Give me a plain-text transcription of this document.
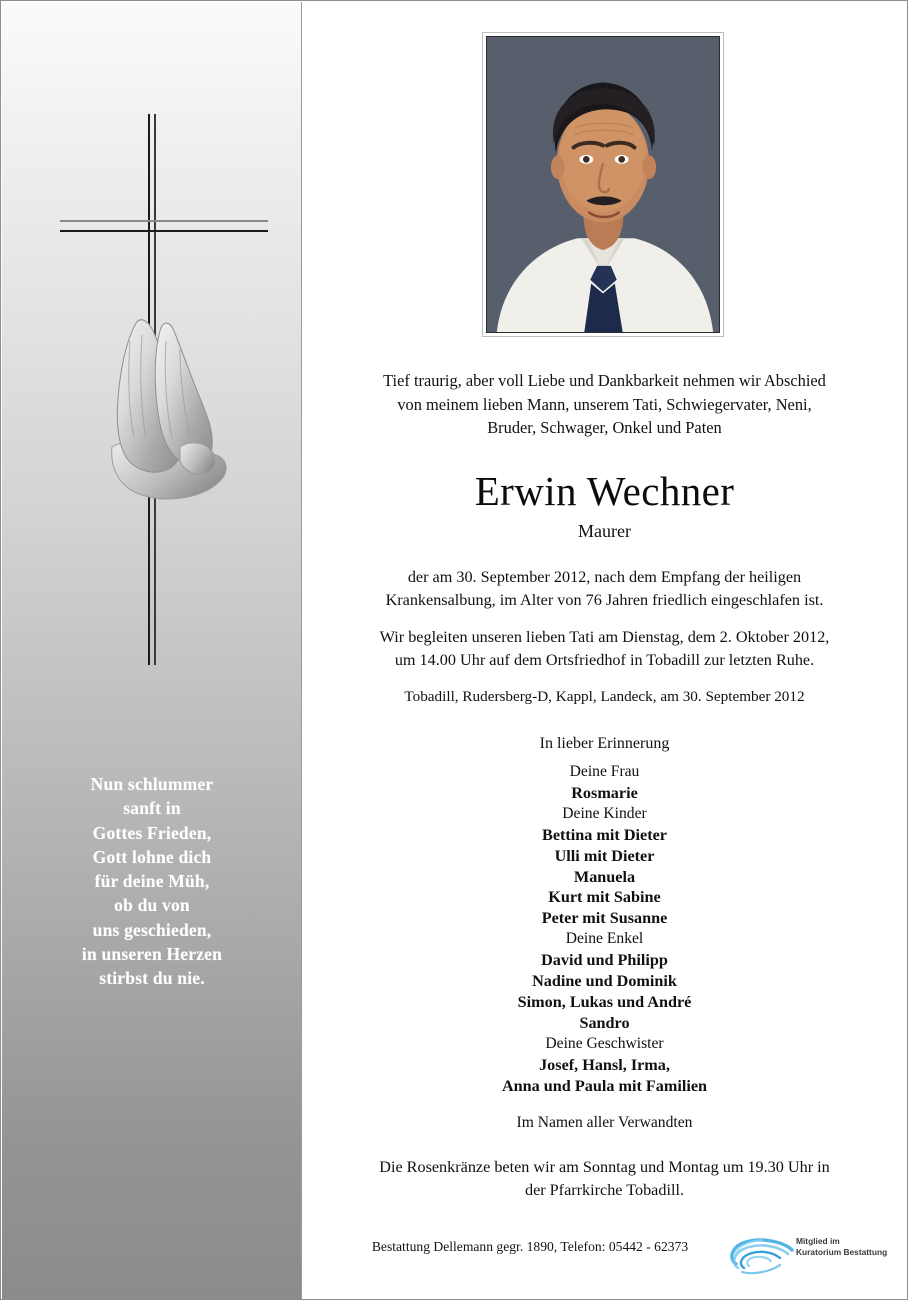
Nun schlummer
sanft in
Gottes Frieden,
Gott lohne dich
für deine Müh,
ob du von
uns geschieden,
in unseren Herzen
stirbst du nie.
Tief traurig, aber voll Liebe und Dankbarkeit nehmen wir Abschied
von meinem lieben Mann, unserem Tati, Schwiegervater, Neni,
Bruder, Schwager, Onkel und Paten
Erwin Wechner
Maurer
der am 30. September 2012, nach dem Empfang der heiligen
Krankensalbung, im Alter von 76 Jahren friedlich eingeschlafen ist.
Wir begleiten unseren lieben Tati am Dienstag, dem 2. Oktober 2012,
um 14.00 Uhr auf dem Ortsfriedhof in Tobadill zur letzten Ruhe.
Tobadill, Rudersberg-D, Kappl, Landeck, am 30. September 2012
In lieber Erinnerung
Deine Frau
Rosmarie
Deine Kinder
Bettina mit Dieter
Ulli mit Dieter
Manuela
Kurt mit Sabine
Peter mit Susanne
Deine Enkel
David und Philipp
Nadine und Dominik
Simon, Lukas und André
Sandro
Deine Geschwister
Josef, Hansl, Irma,
Anna und Paula mit Familien
Im Namen aller Verwandten
Die Rosenkränze beten wir am Sonntag und Montag um 19.30 Uhr in
der Pfarrkirche Tobadill.
Bestattung Dellemann gegr. 1890, Telefon: 05442 - 62373	Mitglied im
Kuratorium Bestattung
